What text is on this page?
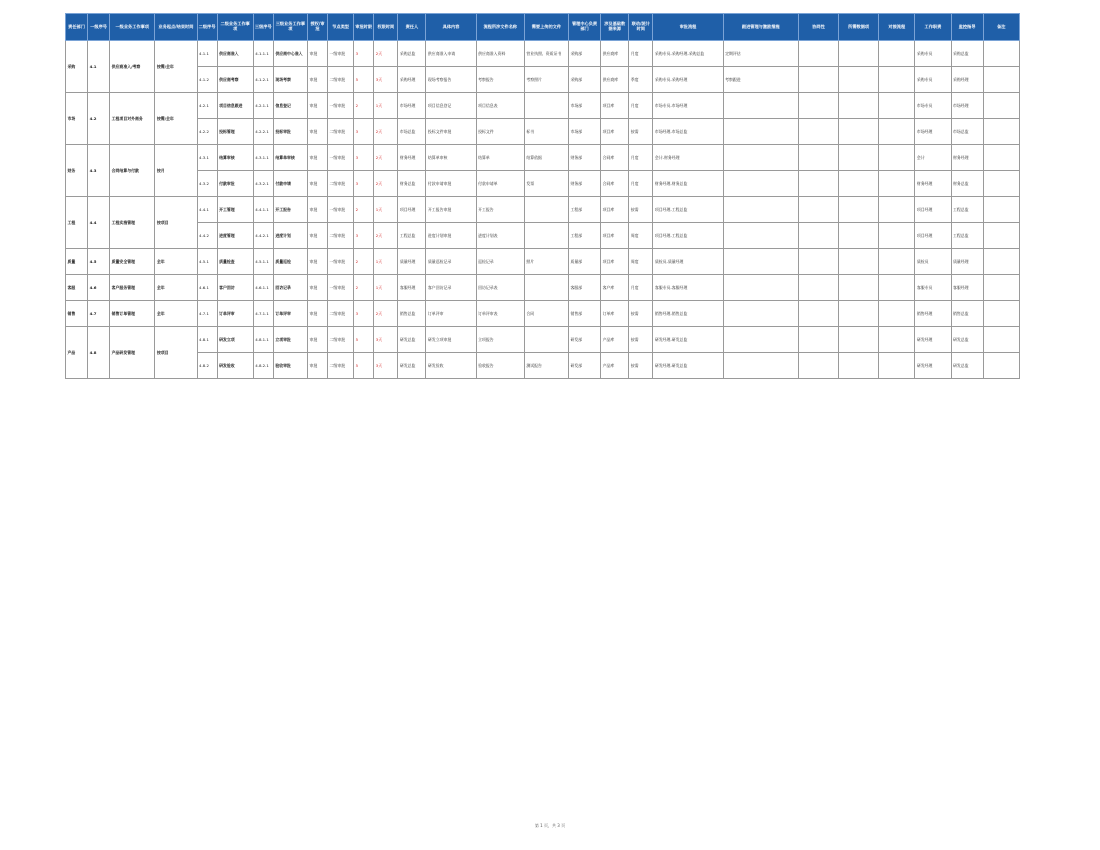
责任部门	一级序号	一级业务工作事项	业务起点/结束时间	二级序号	二级业务工作事项	三级序号	三级业务工作事项	授权/审批	节点类型	审批时限	权限时间	责任人	具体内容	流程所涉文件名称	需要上传的文件	管理中心负责部门	涉及基础数据来源	联动/统计时间	审批流程	跟进管理与激励措施	协同性	所需数据项	对接流程	工作职责	监控指导	备注
采购	4.1	供应商准入/考察	按需/全年	4.1.1	供应商准入	4.1.1.1	供应商中心准入	审批	一级审批	3	2天	采购总监	供应商准入申请	供应商准入资料	营业执照、资质证书	采购部	供应商库	月度	采购专员-采购经理-采购总监	定期评估				采购专员	采购总监	
				4.1.2	供应商考察	4.1.2.1	现场考察	审批	二级审批	5	3天	采购经理	现场考察报告	考察报告	考察照片	采购部	供应商库	季度	采购专员-采购经理	考察跟进				采购专员	采购经理	
市场	4.2	工程项目对外商务	按需/全年	4.2.1	项目信息跟进	4.2.1.1	信息登记	审批	一级审批	2	1天	市场经理	项目信息登记	项目信息表		市场部	项目库	月度	市场专员-市场经理					市场专员	市场经理	
				4.2.2	投标管理	4.2.2.1	投标审批	审批	二级审批	3	2天	市场总监	投标文件审批	投标文件	标书	市场部	项目库	按需	市场经理-市场总监					市场经理	市场总监	
财务	4.3	合同结算与付款	按月	4.3.1	结算审核	4.3.1.1	结算单审核	审批	一级审批	3	2天	财务经理	结算单审核	结算单	结算依据	财务部	合同库	月度	会计-财务经理					会计	财务经理	
				4.3.2	付款审批	4.3.2.1	付款申请	审批	二级审批	3	2天	财务总监	付款申请审批	付款申请单	发票	财务部	合同库	月度	财务经理-财务总监					财务经理	财务总监	
工程	4.4	工程实施管理	按项目	4.4.1	开工管理	4.4.1.1	开工报告	审批	一级审批	2	1天	项目经理	开工报告审批	开工报告		工程部	项目库	按需	项目经理-工程总监					项目经理	工程总监	
				4.4.2	进度管理	4.4.2.1	进度计划	审批	二级审批	3	2天	工程总监	进度计划审批	进度计划表		工程部	项目库	周度	项目经理-工程总监					项目经理	工程总监	
质量	4.5	质量安全管理	全年	4.5.1	质量检查	4.5.1.1	质量巡检	审批	一级审批	2	1天	质量经理	质量巡检记录	巡检记录	照片	质量部	项目库	周度	质检员-质量经理					质检员	质量经理	
客服	4.6	客户服务管理	全年	4.6.1	客户回访	4.6.1.1	回访记录	审批	一级审批	2	1天	客服经理	客户回访记录	回访记录表		客服部	客户库	月度	客服专员-客服经理					客服专员	客服经理	
销售	4.7	销售订单管理	全年	4.7.1	订单评审	4.7.1.1	订单评审	审批	二级审批	3	2天	销售总监	订单评审	订单评审表	合同	销售部	订单库	按需	销售经理-销售总监					销售经理	销售总监	
产品	4.8	产品研发管理	按项目	4.8.1	研发立项	4.8.1.1	立项审批	审批	二级审批	5	3天	研发总监	研发立项审批	立项报告		研发部	产品库	按需	研发经理-研发总监					研发经理	研发总监	
				4.8.2	研发验收	4.8.2.1	验收审批	审批	二级审批	5	3天	研发总监	研发验收	验收报告	测试报告	研发部	产品库	按需	研发经理-研发总监					研发经理	研发总监	
第 1 页，共 3 页
